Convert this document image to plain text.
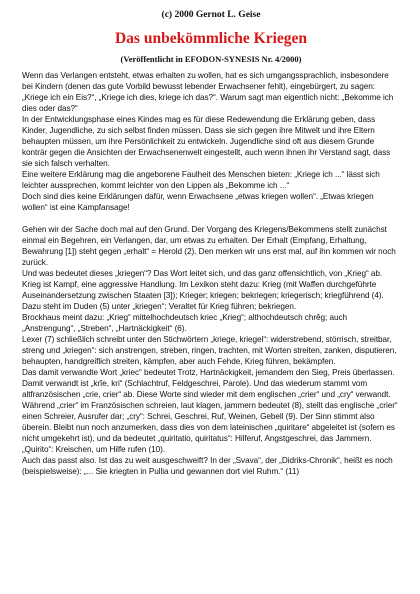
(c) 2000 Gernot L. Geise

Das unbekömmliche Kriegen

(Veröffentlicht in EFODON-SYNESIS Nr. 4/2000)

Wenn das Verlangen entsteht, etwas erhalten zu wollen, hat es sich umgangssprachlich, insbesondere bei Kindern (denen das gute Vorbild bewusst lebender Erwachsener fehlt), eingebürgert, zu sagen: „Kriege ich ein Eis?“, „Kriege ich dies, kriege ich das?“. Warum sagt man eigentlich nicht: „Bekomme ich dies oder das?“

In der Entwicklungsphase eines Kindes mag es für diese Redewendung die Erklärung geben, dass Kinder, Jugendliche, zu sich selbst finden müssen. Dass sie sich gegen ihre Mitwelt und ihre Eltern behaupten müssen, um ihre Persönlichkeit zu entwickeln. Jugendliche sind oft aus diesem Grunde konträr gegen die Ansichten der Erwachsenenwelt eingestellt, auch wenn ihnen ihr Verstand sagt, dass sie sich falsch verhalten.

Eine weitere Erklärung mag die angeborene Faulheit des Menschen bieten: „Kriege ich ...“ lässt sich leichter aussprechen, kommt leichter von den Lippen als „Bekomme ich ...“

Doch sind dies keine Erklärungen dafür, wenn Erwachsene „etwas kriegen wollen“. „Etwas kriegen wollen“ ist eine Kampfansage!

Gehen wir der Sache doch mal auf den Grund. Der Vorgang des Kriegens/Bekommens stellt zunächst einmal ein Begehren, ein Verlangen, dar, um etwas zu erhalten. Der Erhalt (Empfang, Erhaltung, Bewahrung [1]) steht gegen „erhalt“ = Herold (2). Den merken wir uns erst mal, auf ihn kommen wir noch zurück.

Und was bedeutet dieses „kriegen“? Das Wort leitet sich, und das ganz offensichtlich, von „Krieg“ ab. Krieg ist Kampf, eine aggressive Handlung. Im Lexikon steht dazu: Krieg (mit Waffen durchgeführte Auseinandersetzung zwischen Staaten [3]); Krieger; kriegen; bekriegen; kriegerisch; kriegführend (4).

Dazu steht im Duden (5) unter „kriegen“: Veraltet für Krieg führen; bekriegen.

Brockhaus meint dazu: „Krieg“ mittelhochdeutsch kriec „Krieg“; althochdeutsch chrêg; auch „Anstrengung“, „Streben“, „Hartnäckigkeit“ (6).

Lexer (7) schließlich schreibt unter den Stichwörtern „kriege, kriegel“: widerstrebend, störrisch, streitbar, streng und „kriegen“: sich anstrengen, streben, ringen, trachten, mit Worten streiten, zanken, disputieren, behaupten, handgreiflich streiten, kämpfen, aber auch Fehde, Krieg führen, bekämpfen.

Das damit verwandte Wort „kriec“ bedeutet Trotz, Hartnäckigkeit, jemandem den Sieg, Preis überlassen. Damit verwandt ist „krîe, kri“ (Schlachtruf, Feldgeschrei, Parole). Und das wiederum stammt vom altfranzösischen „crie, crier“ ab. Diese Worte sind wieder mit dem englischen „crier“ und „cry“ verwandt. Während „crier“ im Französischen schreien, laut klagen, jammern bedeutet (8), stellt das englische „crier“ einen Schreier, Ausrufer dar; „cry“: Schrei, Geschrei, Ruf, Weinen, Gebell (9). Der Sinn stimmt also überein. Bleibt nun noch anzumerken, dass dies von dem lateinischen „quiritare“ abgeleitet ist (sofern es nicht umgekehrt ist), und da bedeutet „quiritatio, quiritatus“: Hilferuf, Angstgeschrei, das Jammern. „Quirito“: Kreischen, um Hilfe rufen (10).

Auch das passt also. Ist das zu weit ausgeschweift? In der „Svava“, der „Didriks-Chronik“, heißt es noch (beispielsweise): „... Sie kriegten in Pullia und gewannen dort viel Ruhm.“ (11)
